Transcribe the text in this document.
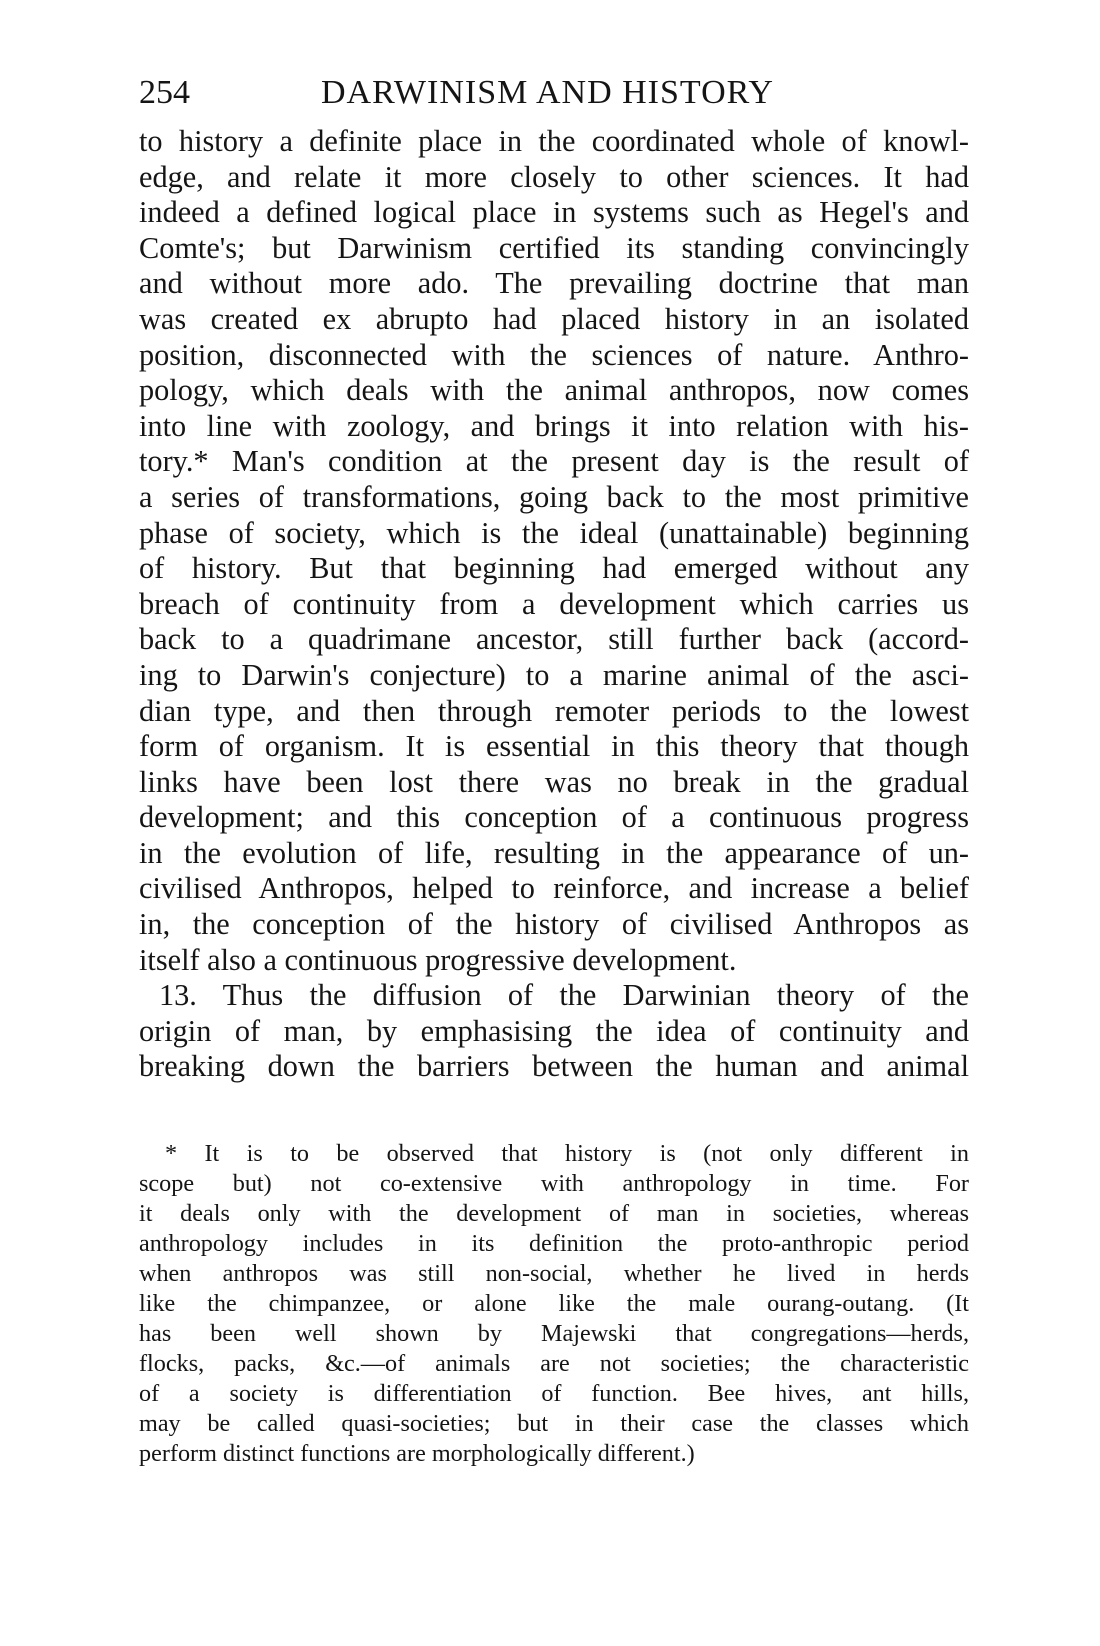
254	DARWINISM AND HISTORY
to history a definite place in the coordinated whole of knowl-
edge, and relate it more closely to other sciences. It had
indeed a defined logical place in systems such as Hegel's and
Comte's; but Darwinism certified its standing convincingly
and without more ado. The prevailing doctrine that man
was created ex abrupto had placed history in an isolated
position, disconnected with the sciences of nature. Anthro-
pology, which deals with the animal anthropos, now comes
into line with zoology, and brings it into relation with his-
tory.* Man's condition at the present day is the result of
a series of transformations, going back to the most primitive
phase of society, which is the ideal (unattainable) beginning
of history. But that beginning had emerged without any
breach of continuity from a development which carries us
back to a quadrimane ancestor, still further back (accord-
ing to Darwin's conjecture) to a marine animal of the asci-
dian type, and then through remoter periods to the lowest
form of organism. It is essential in this theory that though
links have been lost there was no break in the gradual
development; and this conception of a continuous progress
in the evolution of life, resulting in the appearance of un-
civilised Anthropos, helped to reinforce, and increase a belief
in, the conception of the history of civilised Anthropos as
itself also a continuous progressive development.
13. Thus the diffusion of the Darwinian theory of the
origin of man, by emphasising the idea of continuity and
breaking down the barriers between the human and animal
* It is to be observed that history is (not only different in
scope but) not co-extensive with anthropology in time. For
it deals only with the development of man in societies, whereas
anthropology includes in its definition the proto-anthropic period
when anthropos was still non-social, whether he lived in herds
like the chimpanzee, or alone like the male ourang-outang. (It
has been well shown by Majewski that congregations—herds,
flocks, packs, &c.—of animals are not societies; the characteristic
of a society is differentiation of function. Bee hives, ant hills,
may be called quasi-societies; but in their case the classes which
perform distinct functions are morphologically different.)
